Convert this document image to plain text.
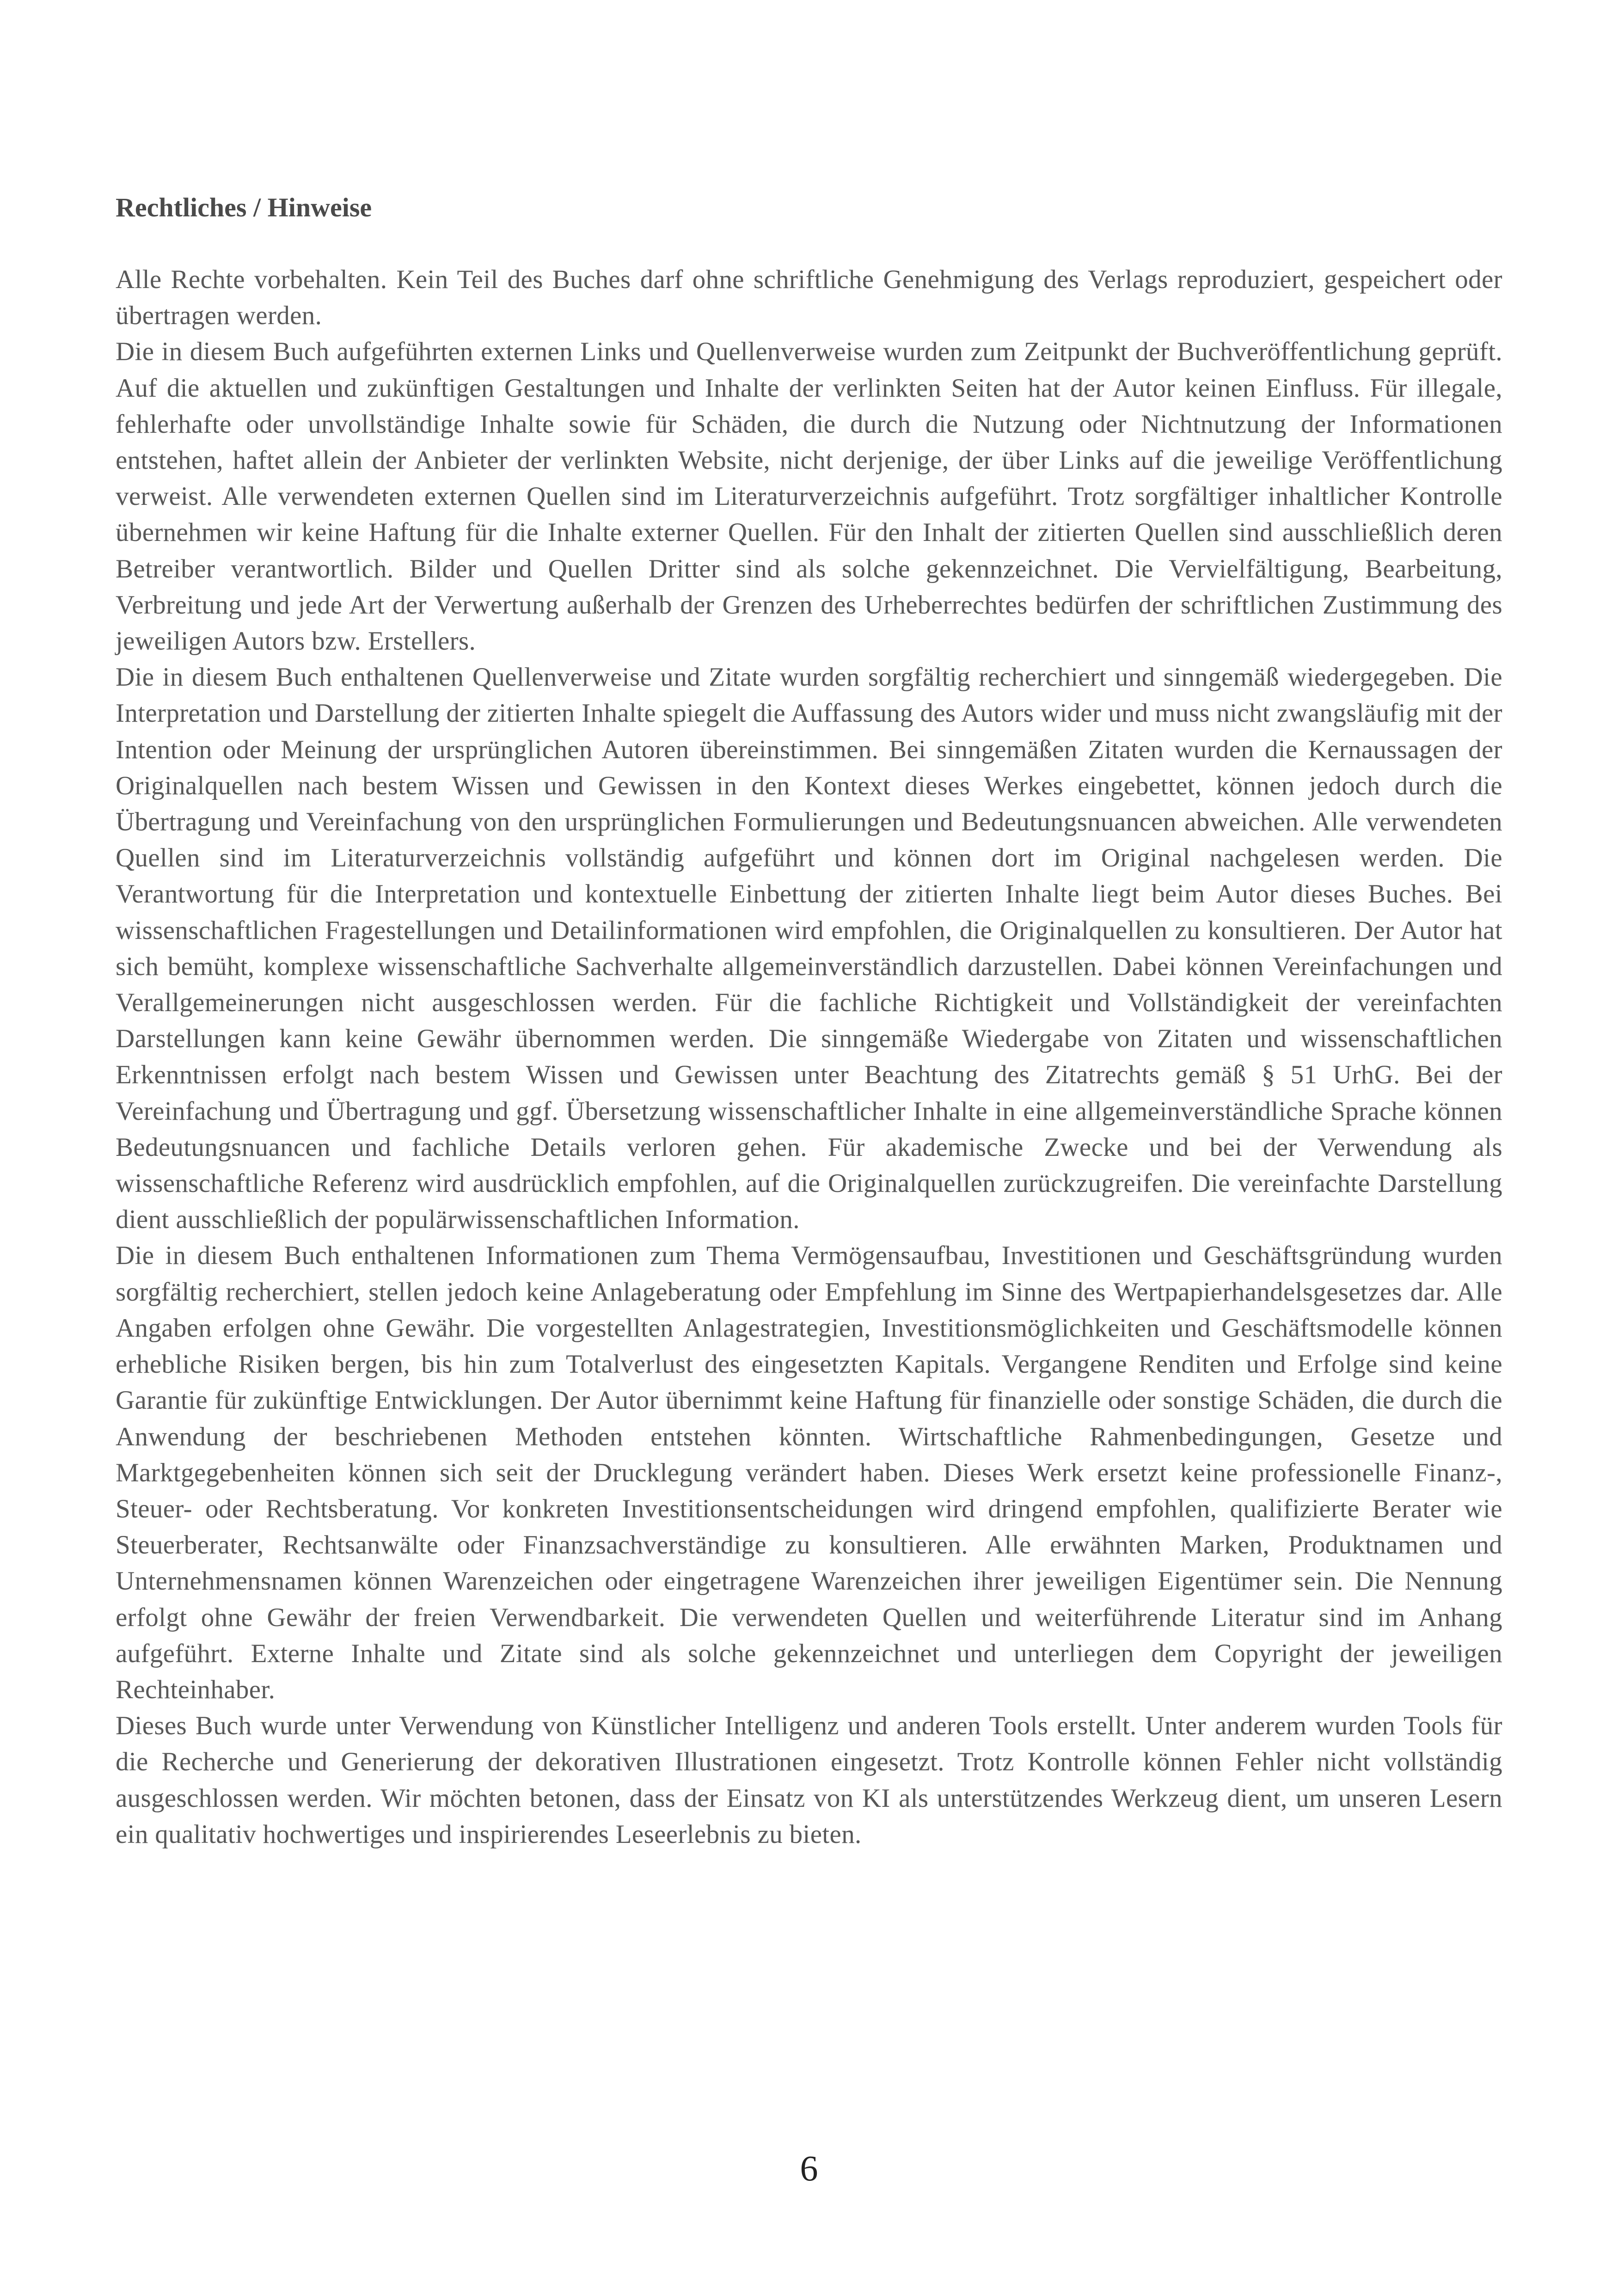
Rechtliches / Hinweise

Alle Rechte vorbehalten. Kein Teil des Buches darf ohne schriftliche Genehmigung des Verlags reproduziert, gespeichert oder übertragen werden.

Die in diesem Buch aufgeführten externen Links und Quellenverweise wurden zum Zeitpunkt der Buchveröffentlichung geprüft. Auf die aktuellen und zukünftigen Gestaltungen und Inhalte der verlinkten Seiten hat der Autor keinen Einfluss. Für illegale, fehlerhafte oder unvollständige Inhalte sowie für Schäden, die durch die Nutzung oder Nichtnutzung der Informationen entstehen, haftet allein der Anbieter der verlinkten Website, nicht derjenige, der über Links auf die jeweilige Veröffentlichung verweist. Alle verwendeten externen Quellen sind im Literaturverzeichnis aufgeführt. Trotz sorgfältiger inhaltlicher Kontrolle übernehmen wir keine Haftung für die Inhalte externer Quellen. Für den Inhalt der zitierten Quellen sind ausschließlich deren Betreiber verantwortlich. Bilder und Quellen Dritter sind als solche gekennzeichnet. Die Vervielfältigung, Bearbeitung, Verbreitung und jede Art der Verwertung außerhalb der Grenzen des Urheberrechtes bedürfen der schriftlichen Zustimmung des jeweiligen Autors bzw. Erstellers.

Die in diesem Buch enthaltenen Quellenverweise und Zitate wurden sorgfältig recherchiert und sinngemäß wiedergegeben. Die Interpretation und Darstellung der zitierten Inhalte spiegelt die Auffassung des Autors wider und muss nicht zwangsläufig mit der Intention oder Meinung der ursprünglichen Autoren übereinstimmen. Bei sinngemäßen Zitaten wurden die Kernaussagen der Originalquellen nach bestem Wissen und Gewissen in den Kontext dieses Werkes eingebettet, können jedoch durch die Übertragung und Vereinfachung von den ursprünglichen Formulierungen und Bedeutungsnuancen abweichen. Alle verwendeten Quellen sind im Literaturverzeichnis vollständig aufgeführt und können dort im Original nachgelesen werden. Die Verantwortung für die Interpretation und kontextuelle Einbettung der zitierten Inhalte liegt beim Autor dieses Buches. Bei wissenschaftlichen Fragestellungen und Detailinformationen wird empfohlen, die Originalquellen zu konsultieren. Der Autor hat sich bemüht, komplexe wissenschaftliche Sachverhalte allgemeinverständlich darzustellen. Dabei können Vereinfachungen und Verallgemeinerungen nicht ausgeschlossen werden. Für die fachliche Richtigkeit und Vollständigkeit der vereinfachten Darstellungen kann keine Gewähr übernommen werden. Die sinngemäße Wiedergabe von Zitaten und wissenschaftlichen Erkenntnissen erfolgt nach bestem Wissen und Gewissen unter Beachtung des Zitatrechts gemäß § 51 UrhG. Bei der Vereinfachung und Übertragung und ggf. Übersetzung wissenschaftlicher Inhalte in eine allgemeinverständliche Sprache können Bedeutungsnuancen und fachliche Details verloren gehen. Für akademische Zwecke und bei der Verwendung als wissenschaftliche Referenz wird ausdrücklich empfohlen, auf die Originalquellen zurückzugreifen. Die vereinfachte Darstellung dient ausschließlich der populärwissenschaftlichen Information.

Die in diesem Buch enthaltenen Informationen zum Thema Vermögensaufbau, Investitionen und Geschäftsgründung wurden sorgfältig recherchiert, stellen jedoch keine Anlageberatung oder Empfehlung im Sinne des Wertpapierhandelsgesetzes dar. Alle Angaben erfolgen ohne Gewähr. Die vorgestellten Anlagestrategien, Investitionsmöglichkeiten und Geschäftsmodelle können erhebliche Risiken bergen, bis hin zum Totalverlust des eingesetzten Kapitals. Vergangene Renditen und Erfolge sind keine Garantie für zukünftige Entwicklungen. Der Autor übernimmt keine Haftung für finanzielle oder sonstige Schäden, die durch die Anwendung der beschriebenen Methoden entstehen könnten. Wirtschaftliche Rahmenbedingungen, Gesetze und Marktgegebenheiten können sich seit der Drucklegung verändert haben. Dieses Werk ersetzt keine professionelle Finanz-, Steuer- oder Rechtsberatung. Vor konkreten Investitionsentscheidungen wird dringend empfohlen, qualifizierte Berater wie Steuerberater, Rechtsanwälte oder Finanzsachverständige zu konsultieren. Alle erwähnten Marken, Produktnamen und Unternehmensnamen können Warenzeichen oder eingetragene Warenzeichen ihrer jeweiligen Eigentümer sein. Die Nennung erfolgt ohne Gewähr der freien Verwendbarkeit. Die verwendeten Quellen und weiterführende Literatur sind im Anhang aufgeführt. Externe Inhalte und Zitate sind als solche gekennzeichnet und unterliegen dem Copyright der jeweiligen Rechteinhaber.

Dieses Buch wurde unter Verwendung von Künstlicher Intelligenz und anderen Tools erstellt. Unter anderem wurden Tools für die Recherche und Generierung der dekorativen Illustrationen eingesetzt. Trotz Kontrolle können Fehler nicht vollständig ausgeschlossen werden. Wir möchten betonen, dass der Einsatz von KI als unterstützendes Werkzeug dient, um unseren Lesern ein qualitativ hochwertiges und inspirierendes Leseerlebnis zu bieten.

6
